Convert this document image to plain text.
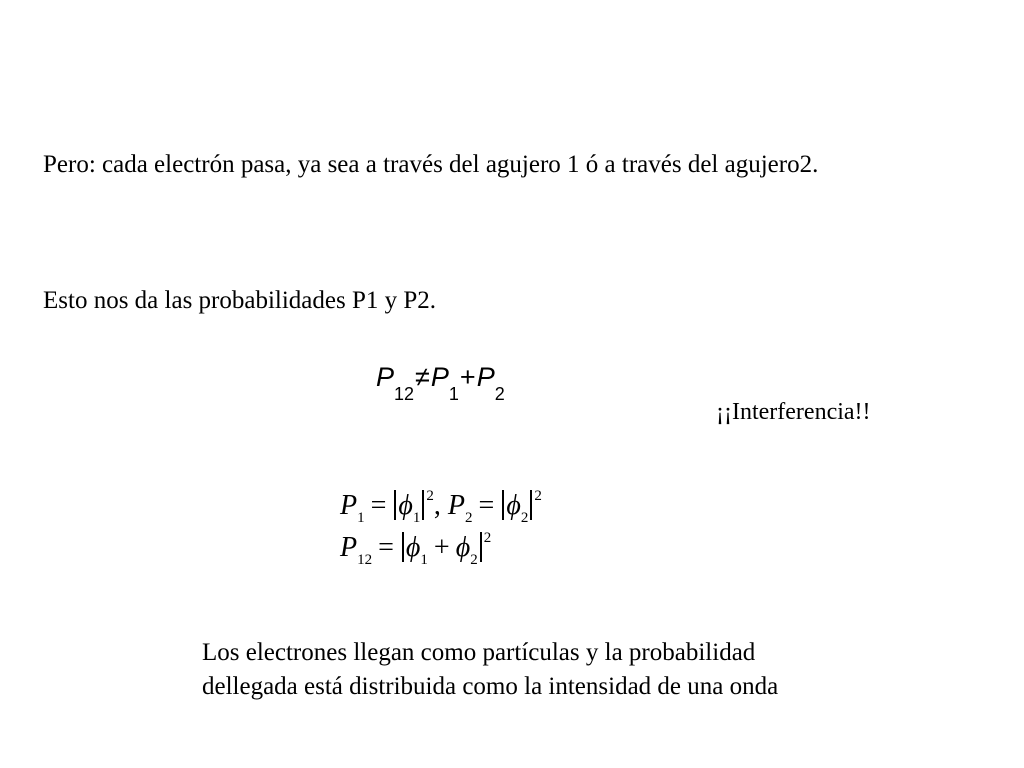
Pero: cada electrón pasa, ya sea a través del agujero 1 ó a través del agujero2.
Esto nos da las probabilidades P1 y P2.
$P_{12}\ne P_1+P_2$
¡¡Interferencia!!
$P_1 = \phi_1^2$, $P_2 = \phi_2^2$
$P_{12} = \phi_1 + \phi_2^2$
Los electrones llegan como partículas y la probabilidad dellegada está distribuida como la intensidad de una onda
